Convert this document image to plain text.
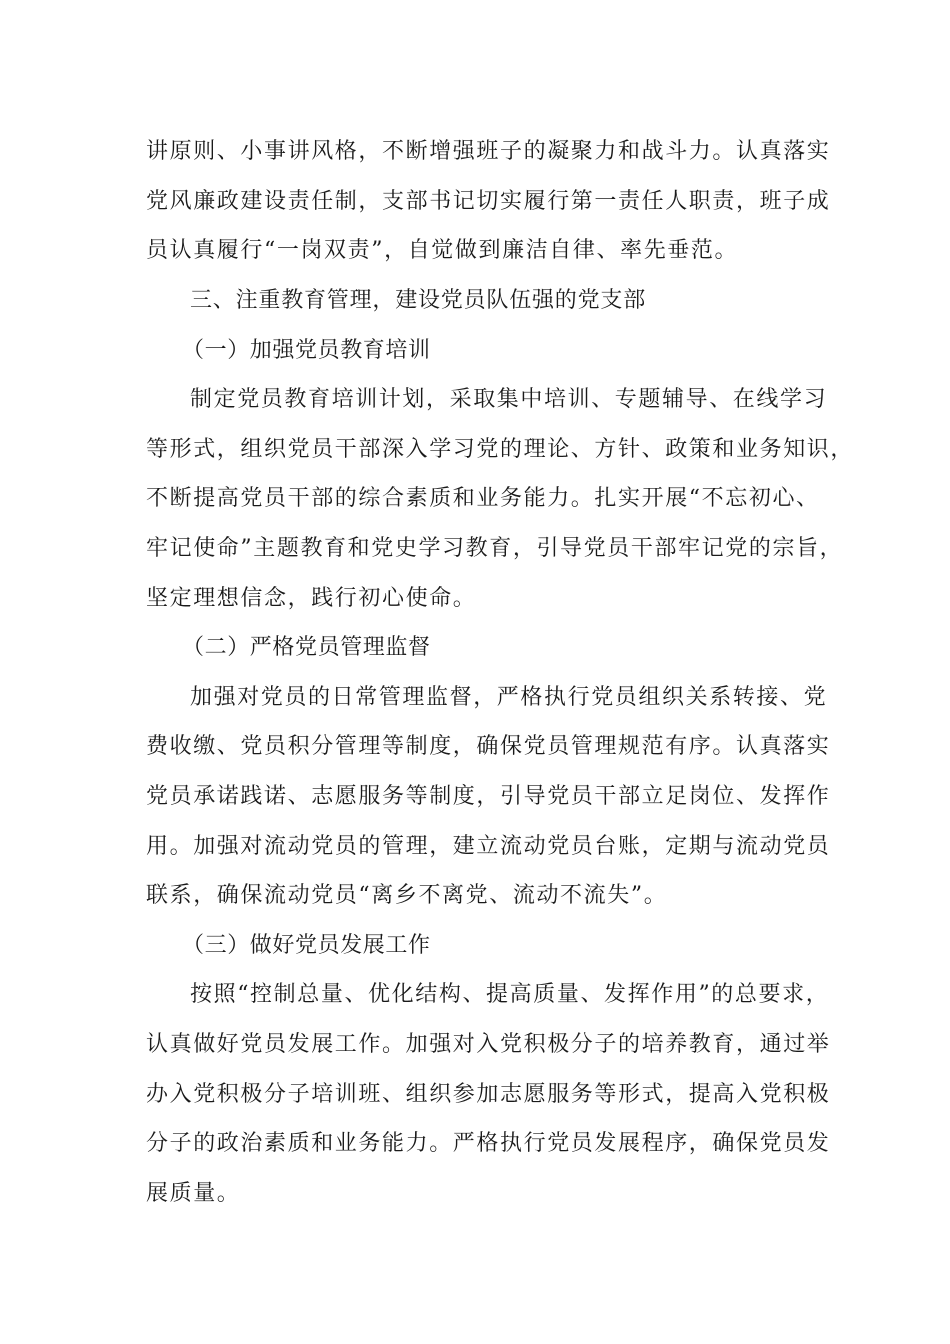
讲原则、小事讲风格，不断增强班子的凝聚力和战斗力。认真落实
党风廉政建设责任制，支部书记切实履行第一责任人职责，班子成
员认真履行“一岗双责”，自觉做到廉洁自律、率先垂范。
三、注重教育管理，建设党员队伍强的党支部
（一）加强党员教育培训
制定党员教育培训计划，采取集中培训、专题辅导、在线学习
等形式，组织党员干部深入学习党的理论、方针、政策和业务知识，
不断提高党员干部的综合素质和业务能力。扎实开展“不忘初心、
牢记使命”主题教育和党史学习教育，引导党员干部牢记党的宗旨，
坚定理想信念，践行初心使命。
（二）严格党员管理监督
加强对党员的日常管理监督，严格执行党员组织关系转接、党
费收缴、党员积分管理等制度，确保党员管理规范有序。认真落实
党员承诺践诺、志愿服务等制度，引导党员干部立足岗位、发挥作
用。加强对流动党员的管理，建立流动党员台账，定期与流动党员
联系，确保流动党员“离乡不离党、流动不流失”。
（三）做好党员发展工作
按照“控制总量、优化结构、提高质量、发挥作用”的总要求，
认真做好党员发展工作。加强对入党积极分子的培养教育，通过举
办入党积极分子培训班、组织参加志愿服务等形式，提高入党积极
分子的政治素质和业务能力。严格执行党员发展程序，确保党员发
展质量。
